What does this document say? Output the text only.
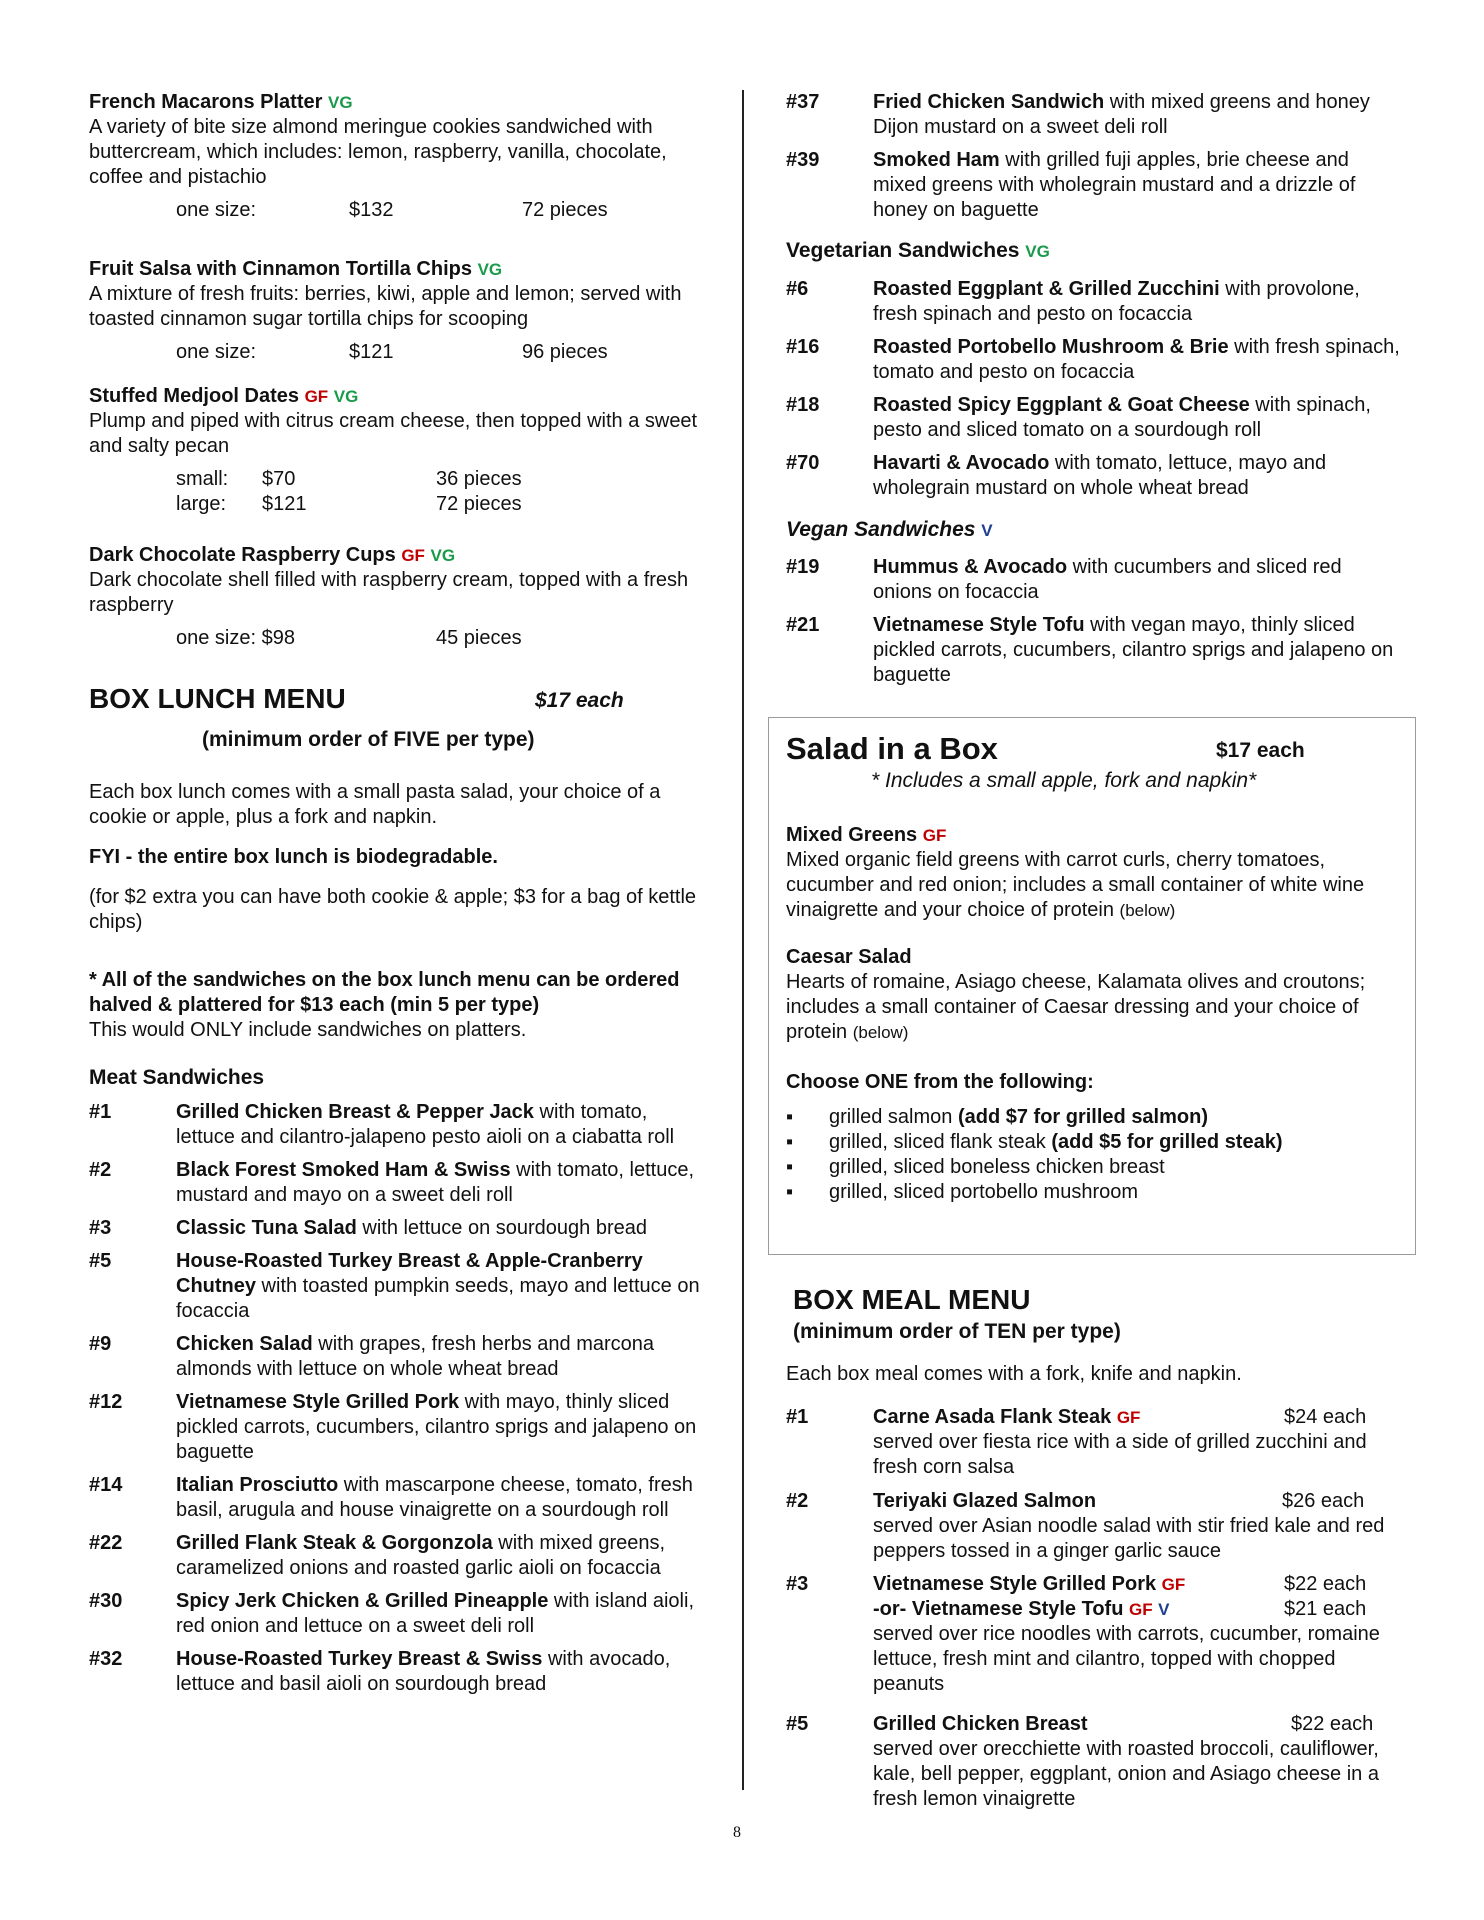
French Macarons Platter VG
A variety of bite size almond meringue cookies sandwiched with buttercream, which includes: lemon, raspberry, vanilla, chocolate, coffee and pistachio
one size:	$132	72 pieces
Fruit Salsa with Cinnamon Tortilla Chips VG
A mixture of fresh fruits: berries, kiwi, apple and lemon; served with toasted cinnamon sugar tortilla chips for scooping
one size:	$121	96 pieces
Stuffed Medjool Dates GF VG
Plump and piped with citrus cream cheese, then topped with a sweet and salty pecan
small: $70	36 pieces
large: $121	72 pieces
Dark Chocolate Raspberry Cups GF VG
Dark chocolate shell filled with raspberry cream, topped with a fresh raspberry
one size: $98	45 pieces
BOX LUNCH MENU	$17 each
(minimum order of FIVE per type)
Each box lunch comes with a small pasta salad, your choice of a cookie or apple, plus a fork and napkin.
FYI - the entire box lunch is biodegradable.
(for $2 extra you can have both cookie & apple; $3 for a bag of kettle chips)
* All of the sandwiches on the box lunch menu can be ordered halved & plattered for $13 each (min 5 per type)
This would ONLY include sandwiches on platters.
Meat Sandwiches
#1	Grilled Chicken Breast & Pepper Jack with tomato, lettuce and cilantro-jalapeno pesto aioli on a ciabatta roll
#2	Black Forest Smoked Ham & Swiss with tomato, lettuce, mustard and mayo on a sweet deli roll
#3	Classic Tuna Salad with lettuce on sourdough bread
#5	House-Roasted Turkey Breast & Apple-Cranberry Chutney with toasted pumpkin seeds, mayo and lettuce on focaccia
#9	Chicken Salad with grapes, fresh herbs and marcona almonds with lettuce on whole wheat bread
#12	Vietnamese Style Grilled Pork with mayo, thinly sliced pickled carrots, cucumbers, cilantro sprigs and jalapeno on baguette
#14	Italian Prosciutto with mascarpone cheese, tomato, fresh basil, arugula and house vinaigrette on a sourdough roll
#22	Grilled Flank Steak & Gorgonzola with mixed greens, caramelized onions and roasted garlic aioli on focaccia
#30	Spicy Jerk Chicken & Grilled Pineapple with island aioli, red onion and lettuce on a sweet deli roll
#32	House-Roasted Turkey Breast & Swiss with avocado, lettuce and basil aioli on sourdough bread
#37	Fried Chicken Sandwich with mixed greens and honey Dijon mustard on a sweet deli roll
#39	Smoked Ham with grilled fuji apples, brie cheese and mixed greens with wholegrain mustard and a drizzle of honey on baguette
Vegetarian Sandwiches VG
#6	Roasted Eggplant & Grilled Zucchini with provolone, fresh spinach and pesto on focaccia
#16	Roasted Portobello Mushroom & Brie with fresh spinach, tomato and pesto on focaccia
#18	Roasted Spicy Eggplant & Goat Cheese with spinach, pesto and sliced tomato on a sourdough roll
#70	Havarti & Avocado with tomato, lettuce, mayo and wholegrain mustard on whole wheat bread
Vegan Sandwiches V
#19	Hummus & Avocado with cucumbers and sliced red onions on focaccia
#21	Vietnamese Style Tofu with vegan mayo, thinly sliced pickled carrots, cucumbers, cilantro sprigs and jalapeno on baguette
Salad in a Box	$17 each
* Includes a small apple, fork and napkin*
Mixed Greens GF
Mixed organic field greens with carrot curls, cherry tomatoes, cucumber and red onion; includes a small container of white wine vinaigrette and your choice of protein (below)
Caesar Salad
Hearts of romaine, Asiago cheese, Kalamata olives and croutons; includes a small container of Caesar dressing and your choice of protein (below)
Choose ONE from the following:
▪ grilled salmon (add $7 for grilled salmon)
▪ grilled, sliced flank steak (add $5 for grilled steak)
▪ grilled, sliced boneless chicken breast
▪ grilled, sliced portobello mushroom
BOX MEAL MENU
(minimum order of TEN per type)
Each box meal comes with a fork, knife and napkin.
#1	Carne Asada Flank Steak GF	$24 each
served over fiesta rice with a side of grilled zucchini and fresh corn salsa
#2	Teriyaki Glazed Salmon	$26 each
served over Asian noodle salad with stir fried kale and red peppers tossed in a ginger garlic sauce
#3	Vietnamese Style Grilled Pork GF	$22 each
-or- Vietnamese Style Tofu GF V	$21 each
served over rice noodles with carrots, cucumber, romaine lettuce, fresh mint and cilantro, topped with chopped peanuts
#5	Grilled Chicken Breast	$22 each
served over orecchiette with roasted broccoli, cauliflower, kale, bell pepper, eggplant, onion and Asiago cheese in a fresh lemon vinaigrette
8
